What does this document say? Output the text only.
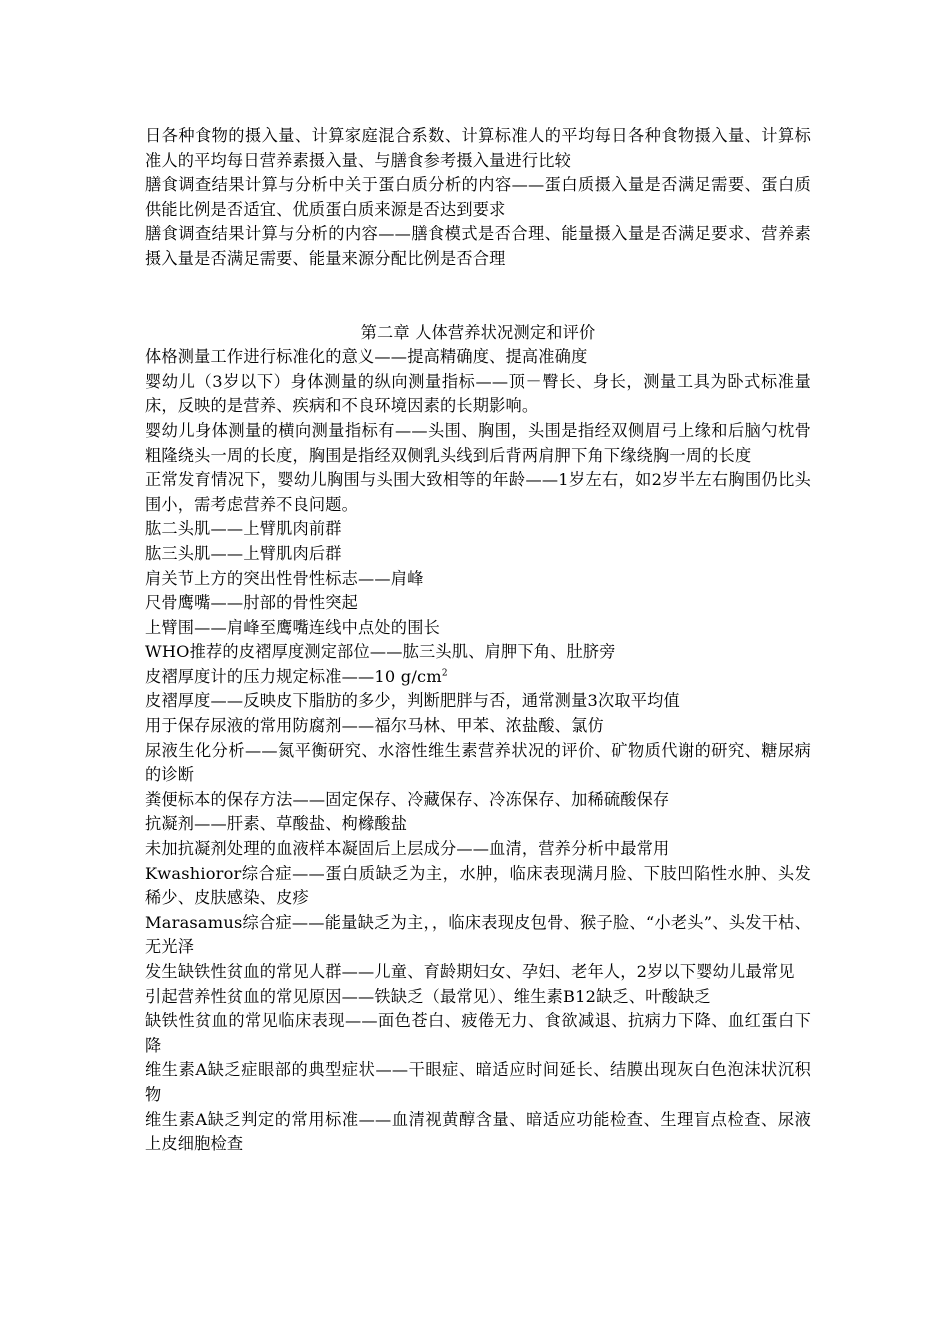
日各种食物的摄入量、计算家庭混合系数、计算标准人的平均每日各种食物摄入量、计算标准人的平均每日营养素摄入量、与膳食参考摄入量进行比较

膳食调查结果计算与分析中关于蛋白质分析的内容——蛋白质摄入量是否满足需要、蛋白质供能比例是否适宜、优质蛋白质来源是否达到要求

膳食调查结果计算与分析的内容——膳食模式是否合理、能量摄入量是否满足要求、营养素摄入量是否满足需要、能量来源分配比例是否合理

第二章 人体营养状况测定和评价

体格测量工作进行标准化的意义——提高精确度、提高准确度

婴幼儿（3岁以下）身体测量的纵向测量指标——顶－臀长、身长，测量工具为卧式标准量床，反映的是营养、疾病和不良环境因素的长期影响。

婴幼儿身体测量的横向测量指标有——头围、胸围，头围是指经双侧眉弓上缘和后脑勺枕骨粗隆绕头一周的长度，胸围是指经双侧乳头线到后背两肩胛下角下缘绕胸一周的长度

正常发育情况下，婴幼儿胸围与头围大致相等的年龄——1岁左右，如2岁半左右胸围仍比头围小，需考虑营养不良问题。

肱二头肌——上臂肌肉前群

肱三头肌——上臂肌肉后群

肩关节上方的突出性骨性标志——肩峰

尺骨鹰嘴——肘部的骨性突起

上臂围——肩峰至鹰嘴连线中点处的围长

WHO推荐的皮褶厚度测定部位——肱三头肌、肩胛下角、肚脐旁

皮褶厚度计的压力规定标准——10 $g/cm^2$

皮褶厚度——反映皮下脂肪的多少，判断肥胖与否，通常测量3次取平均值

用于保存尿液的常用防腐剂——福尔马林、甲苯、浓盐酸、氯仿

尿液生化分析——氮平衡研究、水溶性维生素营养状况的评价、矿物质代谢的研究、糖尿病的诊断

粪便标本的保存方法——固定保存、冷藏保存、冷冻保存、加稀硫酸保存

抗凝剂——肝素、草酸盐、枸橼酸盐

未加抗凝剂处理的血液样本凝固后上层成分——血清，营养分析中最常用

Kwashioror综合症——蛋白质缺乏为主，水肿，临床表现满月脸、下肢凹陷性水肿、头发稀少、皮肤感染、皮疹

Marasamus综合症——能量缺乏为主，，临床表现皮包骨、猴子脸、“小老头”、头发干枯、无光泽

发生缺铁性贫血的常见人群——儿童、育龄期妇女、孕妇、老年人，2岁以下婴幼儿最常见

引起营养性贫血的常见原因——铁缺乏（最常见）、维生素B12缺乏、叶酸缺乏

缺铁性贫血的常见临床表现——面色苍白、疲倦无力、食欲减退、抗病力下降、血红蛋白下降

维生素A缺乏症眼部的典型症状——干眼症、暗适应时间延长、结膜出现灰白色泡沫状沉积物

维生素A缺乏判定的常用标准——血清视黄醇含量、暗适应功能检查、生理盲点检查、尿液上皮细胞检查
